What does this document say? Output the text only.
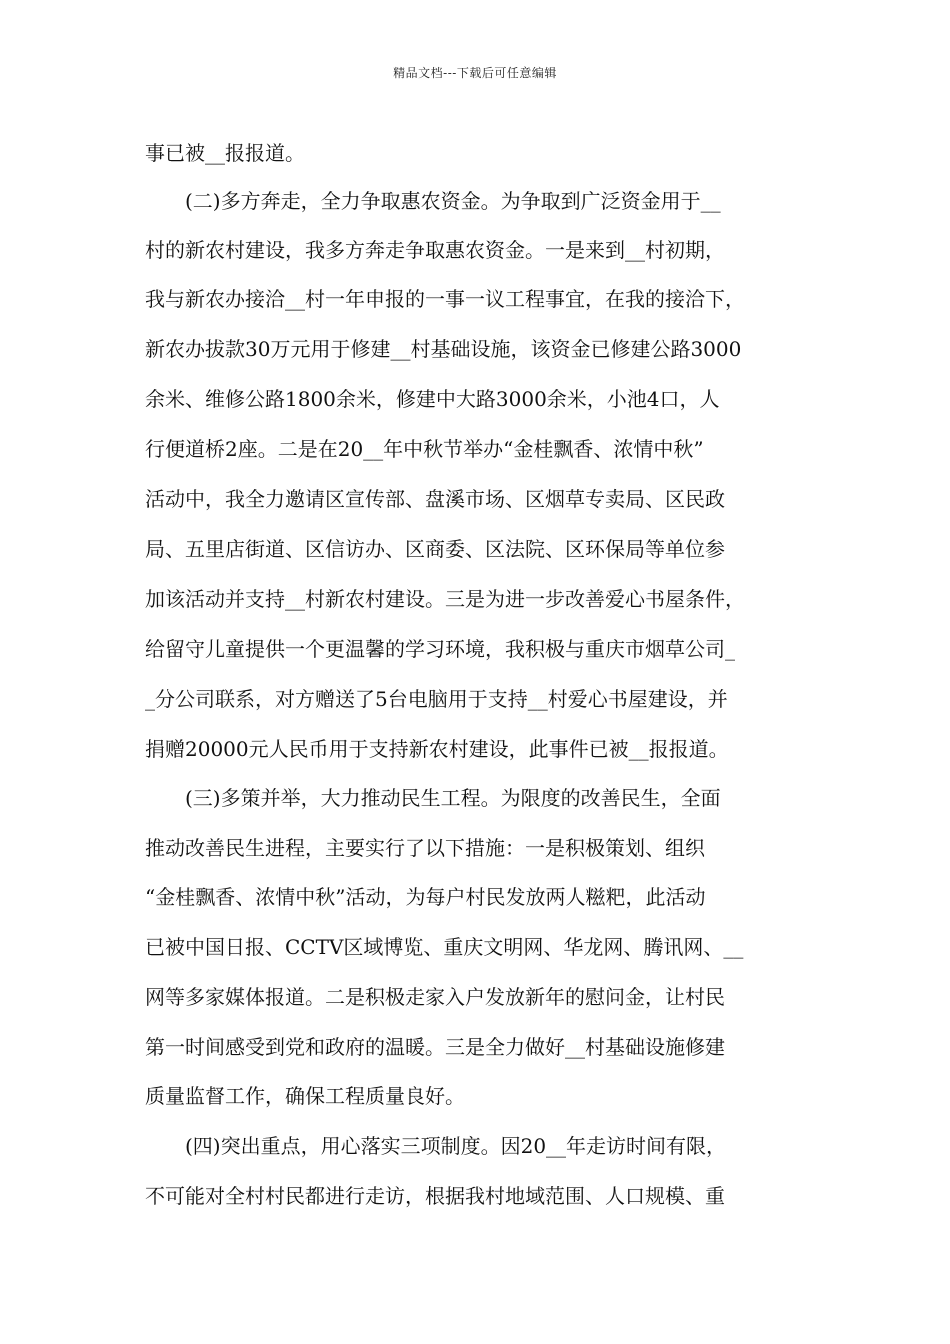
精品文档---下载后可任意编辑
事已被__报报道。
　　(二)多方奔走，全力争取惠农资金。为争取到广泛资金用于__
村的新农村建设，我多方奔走争取惠农资金。一是来到__村初期，
我与新农办接洽__村一年申报的一事一议工程事宜，在我的接洽下，
新农办拔款30万元用于修建__村基础设施，该资金已修建公路3000
余米、维修公路1800余米，修建中大路3000余米，小池4口，人
行便道桥2座。二是在20__年中秋节举办“金桂飘香、浓情中秋”
活动中，我全力邀请区宣传部、盘溪市场、区烟草专卖局、区民政
局、五里店街道、区信访办、区商委、区法院、区环保局等单位参
加该活动并支持__村新农村建设。三是为进一步改善爱心书屋条件，
给留守儿童提供一个更温馨的学习环境，我积极与重庆市烟草公司_
_分公司联系，对方赠送了5台电脑用于支持__村爱心书屋建设，并
捐赠20000元人民币用于支持新农村建设，此事件已被__报报道。
　　(三)多策并举，大力推动民生工程。为限度的改善民生，全面
推动改善民生进程，主要实行了以下措施：一是积极策划、组织
“金桂飘香、浓情中秋”活动，为每户村民发放两人糍粑，此活动
已被中国日报、CCTV区域博览、重庆文明网、华龙网、腾讯网、__
网等多家媒体报道。二是积极走家入户发放新年的慰问金，让村民
第一时间感受到党和政府的温暖。三是全力做好__村基础设施修建
质量监督工作，确保工程质量良好。
　　(四)突出重点，用心落实三项制度。因20__年走访时间有限，
不可能对全村村民都进行走访，根据我村地域范围、人口规模、重
